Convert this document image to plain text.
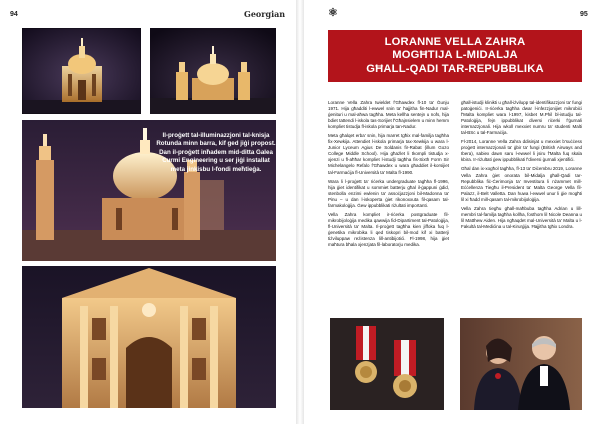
94	Georgian
Il-proġett tal-illuminazzjoni tal-knisja Rotunda minn barra, kif ged jiġi propost. Dan il-proġett inħadem mid-ditta Galea Curmi Engineering u ser jiġi installat meta jinkisbu l-fondi meħtieġa.
⚛	95
LORANNE VELLA ZAHRA
MOGĦTIJA L-MIDALJA
GĦALL-QADI TAR-REPUBBLIKA

Loranne Vella Zahra twieldet f'Għawdex fl-10 ta' Ġunju 1971. Hija għadditi l-ewwel snin ta' ħajjitha fin-Nadur mal-ġenituri u mal-aħwa tagħha. Meta kellha sentejn u nofs, hija bdiet tattendi l-iskola tas-Sorijiet f'Għajnsielem u minn hemm kompliet tistudja fl-iskola primarja tan-Nadur.

Meta għalqet erba' snin, hija marret tgħix mal-familja tagħha fix-Xewkija. Attendiet l-iskola primarja tax-Xewkija u wara l-Junior Lyceum Agius De Soldanis fir-Rabat (illum Gozo College Middle School). Hija għażlet li tkompli tistudja x-xjenzi u fl-aħħar kompliet l-istudji tagħha fis-Sixth Form Sir Michelangelo Refalo f'Għawdex u wara għaddiet il-korsijiet tal-Farmaċija fl-Università ta' Malta fl-1990.

Wara li l-proġett ta' riċerka undergraduate tagħha fl-1996, hija ġiet identifikat u sommiet batterju għal il-ġappuni ġdid, stenbolla enzimi ewlenin ta' assoċjazzjoni bil-Madonna ta' Pinu – u dan l-iskoperta ġiet rikonoxxuta fil-qasam tal-farmakoloġija. Ġew ippubblikati riżultati importanti.

Vella Zahra kompliet ir-riċerka postgraduate fil-mikrobijoloġija medika qawwija fid-Dipartiment tal-Patoloġija, fl-Università ta' Malta. Il-proġett tagħha kien jiffoka fuq l-ġenetika mikrobika li qed tiskopri bil-mod kif xi batterji tiżviluppaw reżistenza lill-antibijotiċi. Fl-1998, hija ġiet maħtura bħala xjenzjata fil-laboratorju medika.

għall-istudji klinikti u għall-iżvilupp tal-identifikazzjoni ta' fungi patoġeniċi. Ir-riċerka tagħha dwar l-infezzjonijiet mikrobiċi f'Malta kompliet wara l-1997, kisbet M.Phil bl-istudju tal-Patoloġija, fejn ippubblikat diversi riċerki f'ġurnali internazzjonali. Hija wkoll mexxiet numru ta' studenti Malti tal-BSc u tal-Farmaċija.

Fl-2014, Loranne Vella Zahra ddisinjat u mexxiet b'suċċess proġett internazzjonali ta' ġbir ta' fungi (British Airways and Ibera), sabiex dawn saru l-ewwel li jsiru f'Malta fuq skala kbira. Ir-riżultati ġew ippubblikati f'diversi ġurnali xjentifiċi.

Għal dan ix-xogħol tagħha, fl-13 ta' Diċembru 2019, Loranne Vella Zahra ġiet onorata bil-Midalja għall-Qadi tar-Repubblika fiċ-Ċerimonja ta' Investitura li nżammet mill-Eċċellenza Tiegħu il-President ta' Malta George Vella fil-Palazz, il-Belt Valletta. Dan huwa l-ewwel unur li ġie mogħti lil xi ħadd mill-qasam tal-mikrobijoloġija.

Vella Zahra tiegħu għall-maħbuba tagħha Adrian u lill-membri tal-familja tagħha kollha, fosthom lil Nicole Deanna u lil Matthew Aiden. Hija ngħaqdet mal-Università ta' Malta u l-Fakultà tal-Mediċina u tal-Kirurġija. Ħajjitha tgħix Londra.
